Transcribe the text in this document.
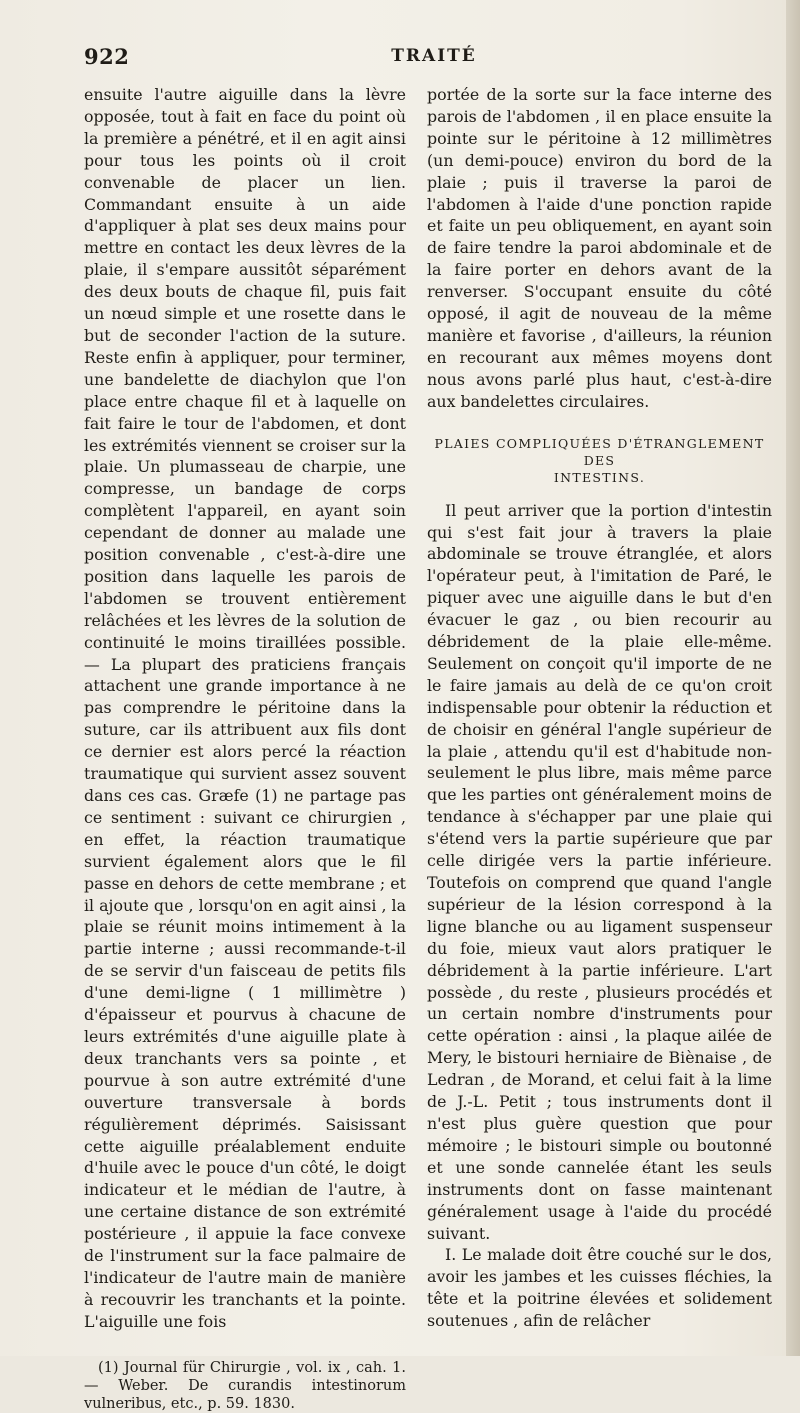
922	TRAITÉ

ensuite l'autre aiguille dans la lèvre opposée, tout à fait en face du point où la première a pénétré, et il en agit ainsi pour tous les points où il croit convenable de placer un lien. Commandant ensuite à un aide d'appliquer à plat ses deux mains pour mettre en contact les deux lèvres de la plaie, il s'empare aussitôt séparément des deux bouts de chaque fil, puis fait un nœud simple et une rosette dans le but de seconder l'action de la suture. Reste enfin à appliquer, pour terminer, une bandelette de diachylon que l'on place entre chaque fil et à laquelle on fait faire le tour de l'abdomen, et dont les extrémités viennent se croiser sur la plaie. Un plumasseau de charpie, une compresse, un bandage de corps complètent l'appareil, en ayant soin cependant de donner au malade une position convenable , c'est-à-dire une position dans laquelle les parois de l'abdomen se trouvent entièrement relâchées et les lèvres de la solution de continuité le moins tiraillées possible. — La plupart des praticiens français attachent une grande importance à ne pas comprendre le péritoine dans la suture, car ils attribuent aux fils dont ce dernier est alors percé la réaction traumatique qui survient assez souvent dans ces cas. Græfe (1) ne partage pas ce sentiment : suivant ce chirurgien , en effet, la réaction traumatique survient également alors que le fil passe en dehors de cette membrane ; et il ajoute que , lorsqu'on en agit ainsi , la plaie se réunit moins intimement à la partie interne ; aussi recommande-t-il de se servir d'un faisceau de petits fils d'une demi-ligne ( 1 millimètre ) d'épaisseur et pourvus à chacune de leurs extrémités d'une aiguille plate à deux tranchants vers sa pointe , et pourvue à son autre extrémité d'une ouverture transversale à bords régulièrement déprimés. Saisissant cette aiguille préalablement enduite d'huile avec le pouce d'un côté, le doigt indicateur et le médian de l'autre, à une certaine distance de son extrémité postérieure , il appuie la face convexe de l'instrument sur la face palmaire de l'indicateur de l'autre main de manière à recouvrir les tranchants et la pointe. L'aiguille une fois

(1) Journal für Chirurgie , vol. ix , cah. 1. — Weber. De curandis intestinorum vulneribus, etc., p. 59. 1830.

portée de la sorte sur la face interne des parois de l'abdomen , il en place ensuite la pointe sur le péritoine à 12 millimètres (un demi-pouce) environ du bord de la plaie ; puis il traverse la paroi de l'abdomen à l'aide d'une ponction rapide et faite un peu obliquement, en ayant soin de faire tendre la paroi abdominale et de la faire porter en dehors avant de la renverser. S'occupant ensuite du côté opposé, il agit de nouveau de la même manière et favorise , d'ailleurs, la réunion en recourant aux mêmes moyens dont nous avons parlé plus haut, c'est-à-dire aux bandelettes circulaires.

PLAIES COMPLIQUÉES D'ÉTRANGLEMENT DES
INTESTINS.

Il peut arriver que la portion d'intestin qui s'est fait jour à travers la plaie abdominale se trouve étranglée, et alors l'opérateur peut, à l'imitation de Paré, le piquer avec une aiguille dans le but d'en évacuer le gaz , ou bien recourir au débridement de la plaie elle-même. Seulement on conçoit qu'il importe de ne le faire jamais au delà de ce qu'on croit indispensable pour obtenir la réduction et de choisir en général l'angle supérieur de la plaie , attendu qu'il est d'habitude non-seulement le plus libre, mais même parce que les parties ont généralement moins de tendance à s'échapper par une plaie qui s'étend vers la partie supérieure que par celle dirigée vers la partie inférieure. Toutefois on comprend que quand l'angle supérieur de la lésion correspond à la ligne blanche ou au ligament suspenseur du foie, mieux vaut alors pratiquer le débridement à la partie inférieure. L'art possède , du reste , plusieurs procédés et un certain nombre d'instruments pour cette opération : ainsi , la plaque ailée de Mery, le bistouri herniaire de Biènaise , de Ledran , de Morand, et celui fait à la lime de J.-L. Petit ; tous instruments dont il n'est plus guère question que pour mémoire ; le bistouri simple ou boutonné et une sonde cannelée étant les seuls instruments dont on fasse maintenant généralement usage à l'aide du procédé suivant.

I. Le malade doit être couché sur le dos, avoir les jambes et les cuisses fléchies, la tête et la poitrine élevées et solidement soutenues , afin de relâcher
